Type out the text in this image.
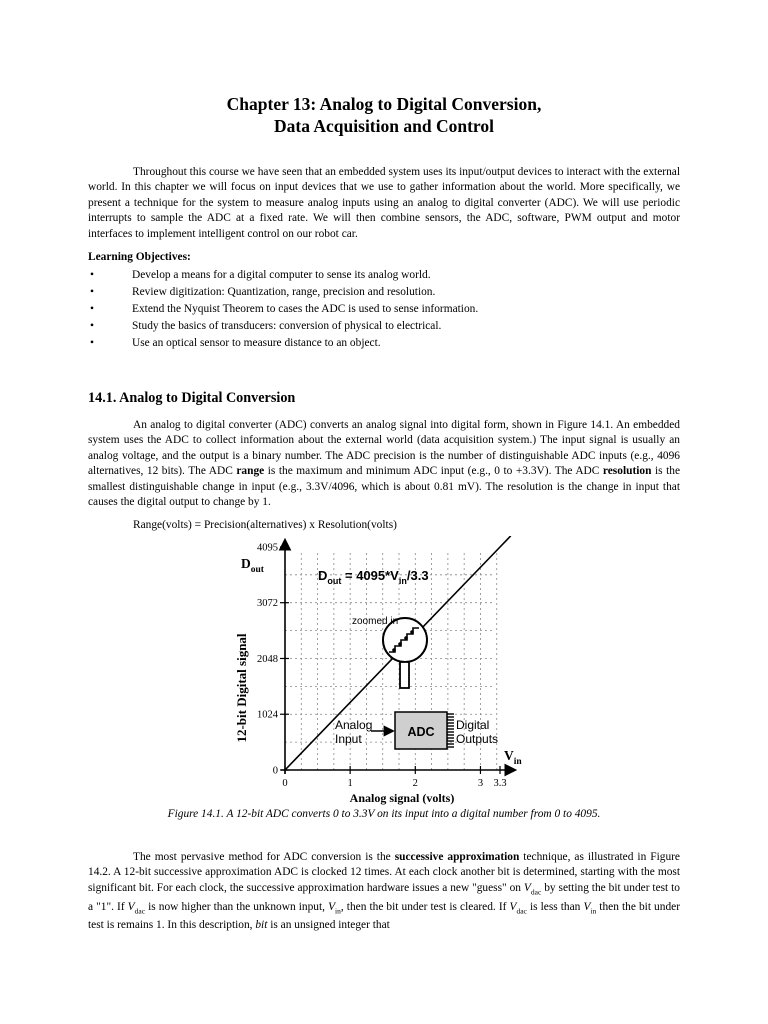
Chapter 13: Analog to Digital Conversion,
Data Acquisition and Control

Throughout this course we have seen that an embedded system uses its input/output devices to interact with the external world. In this chapter we will focus on input devices that we use to gather information about the world. More specifically, we present a technique for the system to measure analog inputs using an analog to digital converter (ADC). We will use periodic interrupts to sample the ADC at a fixed rate. We will then combine sensors, the ADC, software, PWM output and motor interfaces to implement intelligent control on our robot car.

Learning Objectives:
•	Develop a means for a digital computer to sense its analog world.
•	Review digitization: Quantization, range, precision and resolution.
•	Extend the Nyquist Theorem to cases the ADC is used to sense information.
•	Study the basics of transducers: conversion of physical to electrical.
•	Use an optical sensor to measure distance to an object.
14.1. Analog to Digital Conversion

An analog to digital converter (ADC) converts an analog signal into digital form, shown in Figure 14.1. An embedded system uses the ADC to collect information about the external world (data acquisition system.) The input signal is usually an analog voltage, and the output is a binary number. The ADC precision is the number of distinguishable ADC inputs (e.g., 4096 alternatives, 12 bits). The ADC range is the maximum and minimum ADC input (e.g., 0 to +3.3V). The ADC resolution is the smallest distinguishable change in input (e.g., 3.3V/4096, which is about 0.81 mV). The resolution is the change in input that causes the digital output to change by 1.

Range(volts) = Precision(alternatives) x Resolution(volts)
0
1024
2048
3072
4095
0	1	2	3 3.3
12-bit Digital signal
Analog signal (volts)
$D_{out}$
$V_{in}$
$D_{out} = 4095*V_{in}/3.3$
zoomed in
ADC
Analog
Input
Digital
Outputs
Figure 14.1. A 12-bit ADC converts 0 to 3.3V on its input into a digital number from 0 to 4095.

The most pervasive method for ADC conversion is the successive approximation technique, as illustrated in Figure 14.2. A 12-bit successive approximation ADC is clocked 12 times. At each clock another bit is determined, starting with the most significant bit. For each clock, the successive approximation hardware issues a new "guess" on $V_{dac}$ by setting the bit under test to a "1". If $V_{dac}$ is now higher than the unknown input, $V_{in}$, then the bit under test is cleared. If $V_{dac}$ is less than $V_{in}$ then the bit under test is remains 1. In this description, bit is an unsigned integer that
